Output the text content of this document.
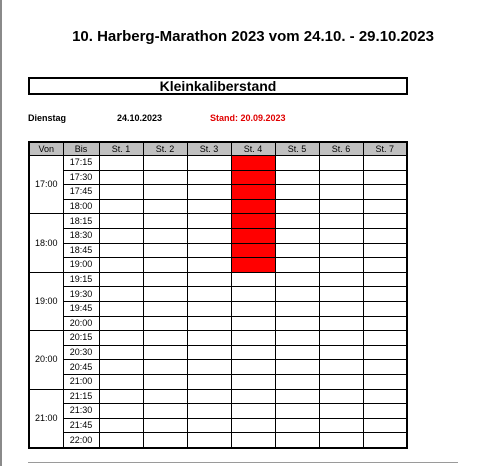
10. Harberg-Marathon 2023 vom 24.10. - 29.10.2023
Kleinkaliberstand
Dienstag	24.10.2023	Stand: 20.09.2023
Von	Bis	St. 1	St. 2	St. 3	St. 4	St. 5	St. 6	St. 7
17:00	17:15							
	17:30							
	17:45							
	18:00							
18:00	18:15							
	18:30							
	18:45							
	19:00							
19:00	19:15							
	19:30							
	19:45							
	20:00							
20:00	20:15							
	20:30							
	20:45							
	21:00							
21:00	21:15							
	21:30							
	21:45							
	22:00							
